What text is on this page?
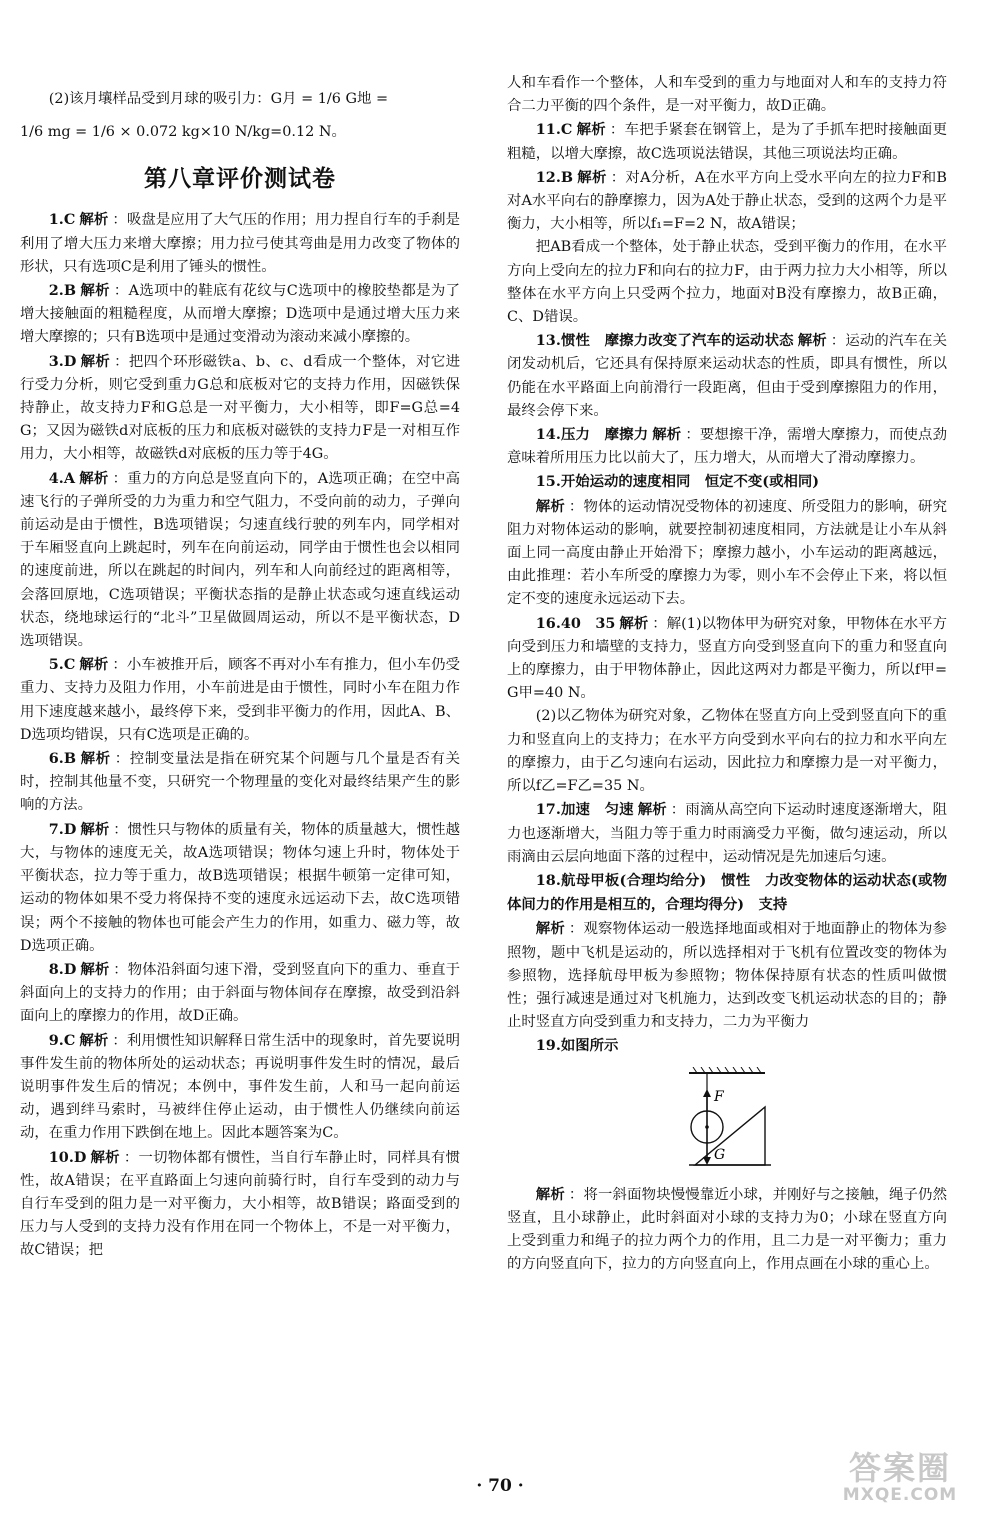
(2)该月壤样品受到月球的吸引力：G月 = 1/6 G地 =

1/6 mg = 1/6 × 0.072 kg×10 N/kg=0.12 N。

第八章评价测试卷

1.C 解析 ：吸盘是应用了大气压的作用；用力捏自行车的手刹是利用了增大压力来增大摩擦；用力拉弓使其弯曲是用力改变了物体的形状，只有选项C是利用了锤头的惯性。

2.B 解析 ：A选项中的鞋底有花纹与C选项中的橡胶垫都是为了增大接触面的粗糙程度，从而增大摩擦；D选项中是通过增大压力来增大摩擦的；只有B选项中是通过变滑动为滚动来减小摩擦的。

3.D 解析 ：把四个环形磁铁a、b、c、d看成一个整体，对它进行受力分析，则它受到重力G总和底板对它的支持力作用，因磁铁保持静止，故支持力F和G总是一对平衡力，大小相等，即F=G总=4G；又因为磁铁d对底板的压力和底板对磁铁的支持力F是一对相互作用力，大小相等，故磁铁d对底板的压力等于4G。

4.A 解析 ：重力的方向总是竖直向下的，A选项正确；在空中高速飞行的子弹所受的力为重力和空气阻力，不受向前的动力，子弹向前运动是由于惯性，B选项错误；匀速直线行驶的列车内，同学相对于车厢竖直向上跳起时，列车在向前运动，同学由于惯性也会以相同的速度前进，所以在跳起的时间内，列车和人向前经过的距离相等，会落回原地，C选项错误；平衡状态指的是静止状态或匀速直线运动状态，绕地球运行的“北斗”卫星做圆周运动，所以不是平衡状态，D选项错误。

5.C 解析 ：小车被推开后，顾客不再对小车有推力，但小车仍受重力、支持力及阻力作用，小车前进是由于惯性，同时小车在阻力作用下速度越来越小，最终停下来，受到非平衡力的作用，因此A、B、D选项均错误，只有C选项是正确的。

6.B 解析 ：控制变量法是指在研究某个问题与几个量是否有关时，控制其他量不变，只研究一个物理量的变化对最终结果产生的影响的方法。

7.D 解析 ：惯性只与物体的质量有关，物体的质量越大，惯性越大，与物体的速度无关，故A选项错误；物体匀速上升时，物体处于平衡状态，拉力等于重力，故B选项错误；根据牛顿第一定律可知，运动的物体如果不受力将保持不变的速度永远运动下去，故C选项错误；两个不接触的物体也可能会产生力的作用，如重力、磁力等，故D选项正确。

8.D 解析 ：物体沿斜面匀速下滑，受到竖直向下的重力、垂直于斜面向上的支持力的作用；由于斜面与物体间存在摩擦，故受到沿斜面向上的摩擦力的作用，故D正确。

9.C 解析 ：利用惯性知识解释日常生活中的现象时，首先要说明事件发生前的物体所处的运动状态；再说明事件发生时的情况，最后说明事件发生后的情况；本例中，事件发生前，人和马一起向前运动，遇到绊马索时，马被绊住停止运动，由于惯性人仍继续向前运动，在重力作用下跌倒在地上。因此本题答案为C。

10.D 解析 ：一切物体都有惯性，当自行车静止时，同样具有惯性，故A错误；在平直路面上匀速向前骑行时，自行车受到的动力与自行车受到的阻力是一对平衡力，大小相等，故B错误；路面受到的压力与人受到的支持力没有作用在同一个物体上，不是一对平衡力，故C错误；把

人和车看作一个整体，人和车受到的重力与地面对人和车的支持力符合二力平衡的四个条件，是一对平衡力，故D正确。

11.C 解析 ：车把手紧套在钢管上，是为了手抓车把时接触面更粗糙，以增大摩擦，故C选项说法错误，其他三项说法均正确。

12.B 解析 ：对A分析，A在水平方向上受水平向左的拉力F和B对A水平向右的静摩擦力，因为A处于静止状态，受到的这两个力是平衡力，大小相等，所以f₁=F=2 N，故A错误；

把AB看成一个整体，处于静止状态，受到平衡力的作用，在水平方向上受向左的拉力F和向右的拉力F，由于两力拉力大小相等，所以整体在水平方向上只受两个拉力，地面对B没有摩擦力，故B正确，C、D错误。

13.惯性　摩擦力改变了汽车的运动状态 解析 ：运动的汽车在关闭发动机后，它还具有保持原来运动状态的性质，即具有惯性，所以仍能在水平路面上向前滑行一段距离，但由于受到摩擦阻力的作用，最终会停下来。

14.压力　摩擦力 解析 ：要想擦干净，需增大摩擦力，而使点劲意味着所用压力比以前大了，压力增大，从而增大了滑动摩擦力。

15.开始运动的速度相同　恒定不变(或相同)

解析 ：物体的运动情况受物体的初速度、所受阻力的影响，研究阻力对物体运动的影响，就要控制初速度相同，方法就是让小车从斜面上同一高度由静止开始滑下；摩擦力越小，小车运动的距离越远，由此推理：若小车所受的摩擦力为零，则小车不会停止下来，将以恒定不变的速度永远运动下去。

16.40　35 解析 ：解(1)以物体甲为研究对象，甲物体在水平方向受到压力和墙壁的支持力，竖直方向受到竖直向下的重力和竖直向上的摩擦力，由于甲物体静止，因此这两对力都是平衡力，所以f甲=G甲=40 N。

(2)以乙物体为研究对象，乙物体在竖直方向上受到竖直向下的重力和竖直向上的支持力；在水平方向受到水平向右的拉力和水平向左的摩擦力，由于乙匀速向右运动，因此拉力和摩擦力是一对平衡力，所以f乙=F乙=35 N。

17.加速　匀速 解析 ：雨滴从高空向下运动时速度逐渐增大，阻力也逐渐增大，当阻力等于重力时雨滴受力平衡，做匀速运动，所以雨滴由云层向地面下落的过程中，运动情况是先加速后匀速。

18.航母甲板(合理均给分)　惯性　力改变物体的运动状态(或物体间力的作用是相互的，合理均得分)　支持

解析 ：观察物体运动一般选择地面或相对于地面静止的物体为参照物，题中飞机是运动的，所以选择相对于飞机有位置改变的物体为参照物，选择航母甲板为参照物；物体保持原有状态的性质叫做惯性；强行减速是通过对飞机施力，达到改变飞机运动状态的目的；静止时竖直方向受到重力和支持力，二力为平衡力

19.如图所示

F
G

解析 ：将一斜面物块慢慢靠近小球，并刚好与之接触，绳子仍然竖直，且小球静止，此时斜面对小球的支持力为0；小球在竖直方向上受到重力和绳子的拉力两个力的作用，且二力是一对平衡力；重力的方向竖直向下，拉力的方向竖直向上，作用点画在小球的重心上。

· 70 ·	答案圈
MXQE.COM
